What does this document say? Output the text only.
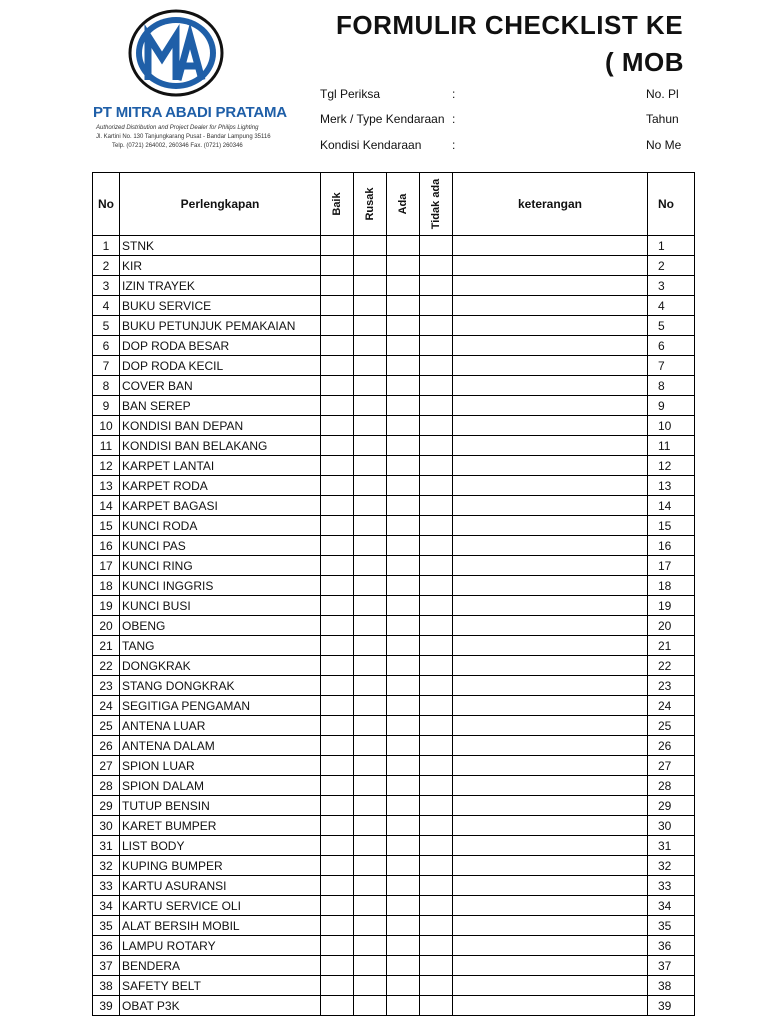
PT MITRA ABADI PRATAMA
Authorized Distribution and Project Dealer for Philips Lighting
Jl. Kartini No. 130 Tanjungkarang Pusat - Bandar Lampung 35116
Telp. (0721) 264002, 260346 Fax. (0721) 260346
FORMULIR CHECKLIST KE
( MOB
Tgl Periksa	:	No. Pl
Merk / Type Kendaraan :	Tahun
Kondisi Kendaraan	:	No Me
No	Perlengkapan	Baik	Rusak	Ada	Tidak ada	keterangan	No
1	STNK						1
2	KIR						2
3	IZIN TRAYEK						3
4	BUKU SERVICE						4
5	BUKU PETUNJUK PEMAKAIAN						5
6	DOP RODA BESAR						6
7	DOP RODA KECIL						7
8	COVER BAN						8
9	BAN SEREP						9
10	KONDISI BAN DEPAN						10
11	KONDISI BAN BELAKANG						11
12	KARPET LANTAI						12
13	KARPET RODA						13
14	KARPET BAGASI						14
15	KUNCI RODA						15
16	KUNCI PAS						16
17	KUNCI RING						17
18	KUNCI INGGRIS						18
19	KUNCI BUSI						19
20	OBENG						20
21	TANG						21
22	DONGKRAK						22
23	STANG DONGKRAK						23
24	SEGITIGA PENGAMAN						24
25	ANTENA LUAR						25
26	ANTENA DALAM						26
27	SPION LUAR						27
28	SPION DALAM						28
29	TUTUP BENSIN						29
30	KARET BUMPER						30
31	LIST BODY						31
32	KUPING BUMPER						32
33	KARTU ASURANSI						33
34	KARTU SERVICE OLI						34
35	ALAT BERSIH MOBIL						35
36	LAMPU ROTARY						36
37	BENDERA						37
38	SAFETY BELT						38
39	OBAT P3K						39
